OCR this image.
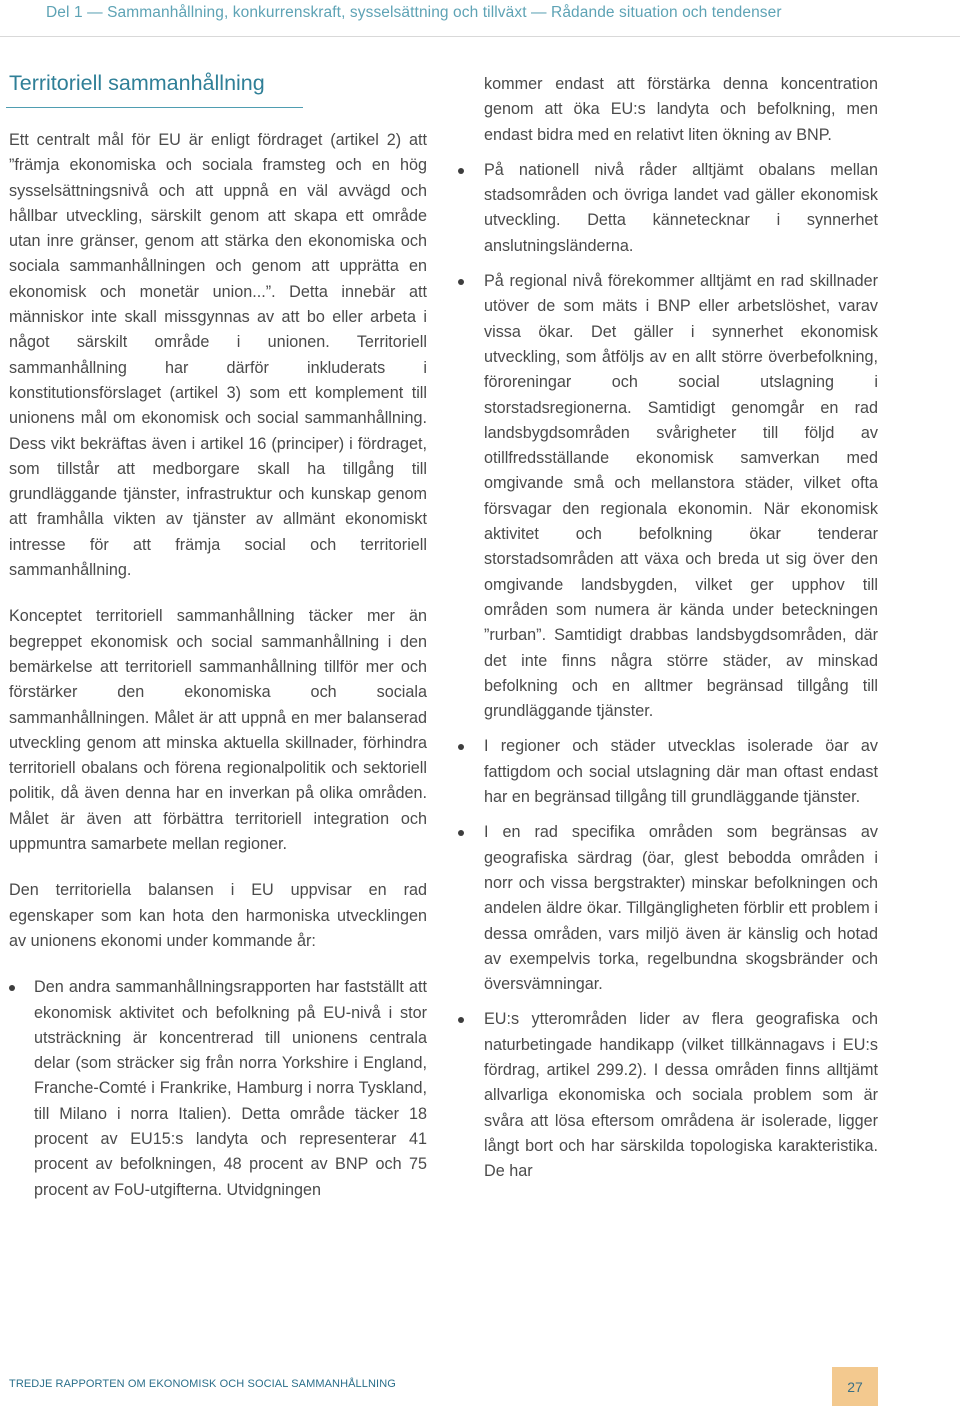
Del 1 — Sammanhållning, konkurrenskraft, sysselsättning och tillväxt — Rådande situation och tendenser
Territoriell sammanhållning

Ett centralt mål för EU är enligt fördraget (artikel 2) att ”främja ekonomiska och sociala framsteg och en hög sysselsättningsnivå och att uppnå en väl avvägd och hållbar utveckling, särskilt genom att skapa ett område utan inre gränser, genom att stärka den ekonomiska och sociala sammanhållningen och genom att upprätta en ekonomisk och monetär union...”. Detta innebär att människor inte skall missgynnas av att bo eller arbeta i något särskilt område i unionen. Territoriell sammanhållning har därför inkluderats i konstitutionsförslaget (artikel 3) som ett komplement till unionens mål om ekonomisk och social sammanhållning. Dess vikt bekräftas även i artikel 16 (principer) i fördraget, som tillstår att medborgare skall ha tillgång till grundläggande tjänster, infrastruktur och kunskap genom att framhålla vikten av tjänster av allmänt ekonomiskt intresse för att främja social och territoriell sammanhållning.

Konceptet territoriell sammanhållning täcker mer än begreppet ekonomisk och social sammanhållning i den bemärkelse att territoriell sammanhållning tillför mer och förstärker den ekonomiska och sociala sammanhållningen. Målet är att uppnå en mer balanserad utveckling genom att minska aktuella skillnader, förhindra territoriell obalans och förena regionalpolitik och sektoriell politik, då även denna har en inverkan på olika områden. Målet är även att förbättra territoriell integration och uppmuntra samarbete mellan regioner.

Den territoriella balansen i EU uppvisar en rad egenskaper som kan hota den harmoniska utvecklingen av unionens ekonomi under kommande år:

Den andra sammanhållningsrapporten har fastställt att ekonomisk aktivitet och befolkning på EU-nivå i stor utsträckning är koncentrerad till unionens centrala delar (som sträcker sig från norra Yorkshire i England, Franche-Comté i Frankrike, Hamburg i norra Tyskland, till Milano i norra Italien). Detta område täcker 18 procent av EU15:s landyta och representerar 41 procent av befolkningen, 48 procent av BNP och 75 procent av FoU-utgifterna. Utvidgningen

kommer endast att förstärka denna koncentration genom att öka EU:s landyta och befolkning, men endast bidra med en relativt liten ökning av BNP.

På nationell nivå råder alltjämt obalans mellan stadsområden och övriga landet vad gäller ekonomisk utveckling. Detta kännetecknar i synnerhet anslutningsländerna.

På regional nivå förekommer alltjämt en rad skillnader utöver de som mäts i BNP eller arbetslöshet, varav vissa ökar. Det gäller i synnerhet ekonomisk utveckling, som åtföljs av en allt större överbefolkning, föroreningar och social utslagning i storstadsregionerna. Samtidigt genomgår en rad landsbygdsområden svårigheter till följd av otillfredsställande ekonomisk samverkan med omgivande små och mellanstora städer, vilket ofta försvagar den regionala ekonomin. När ekonomisk aktivitet och befolkning ökar tenderar storstadsområden att växa och breda ut sig över den omgivande landsbygden, vilket ger upphov till områden som numera är kända under beteckningen ”rurban”. Samtidigt drabbas landsbygdsområden, där det inte finns några större städer, av minskad befolkning och en alltmer begränsad tillgång till grundläggande tjänster.

I regioner och städer utvecklas isolerade öar av fattigdom och social utslagning där man oftast endast har en begränsad tillgång till grundläggande tjänster.

I en rad specifika områden som begränsas av geografiska särdrag (öar, glest bebodda områden i norr och vissa bergstrakter) minskar befolkningen och andelen äldre ökar. Tillgängligheten förblir ett problem i dessa områden, vars miljö även är känslig och hotad av exempelvis torka, regelbundna skogsbränder och översvämningar.

EU:s ytterområden lider av flera geografiska och naturbetingade handikapp (vilket tillkännagavs i EU:s fördrag, artikel 299.2). I dessa områden finns alltjämt allvarliga ekonomiska och sociala problem som är svåra att lösa eftersom områdena är isolerade, ligger långt bort och har särskilda topologiska karakteristika. De har

TREDJE RAPPORTEN OM EKONOMISK OCH SOCIAL SAMMANHÅLLNING	27
